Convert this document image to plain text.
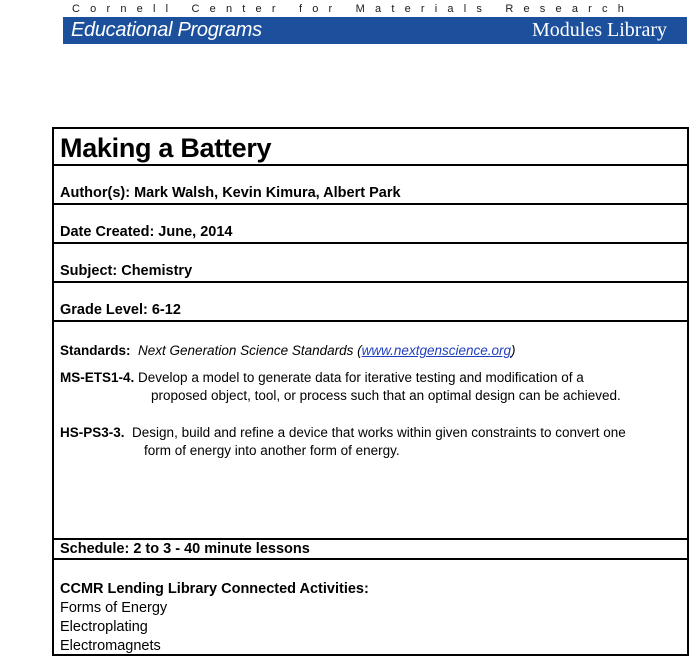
Cornell Center for Materials Research
Educational Programs	Modules Library
Making a Battery
Author(s): Mark Walsh, Kevin Kimura, Albert Park
Date Created: June, 2014
Subject: Chemistry
Grade Level: 6-12
Standards: Next Generation Science Standards (www.nextgenscience.org)
MS-ETS1-4. Develop a model to generate data for iterative testing and modification of a
proposed object, tool, or process such that an optimal design can be achieved.
HS-PS3-3. Design, build and refine a device that works within given constraints to convert one
form of energy into another form of energy.
Schedule: 2 to 3 - 40 minute lessons
CCMR Lending Library Connected Activities:
Forms of Energy
Electroplating
Electromagnets
